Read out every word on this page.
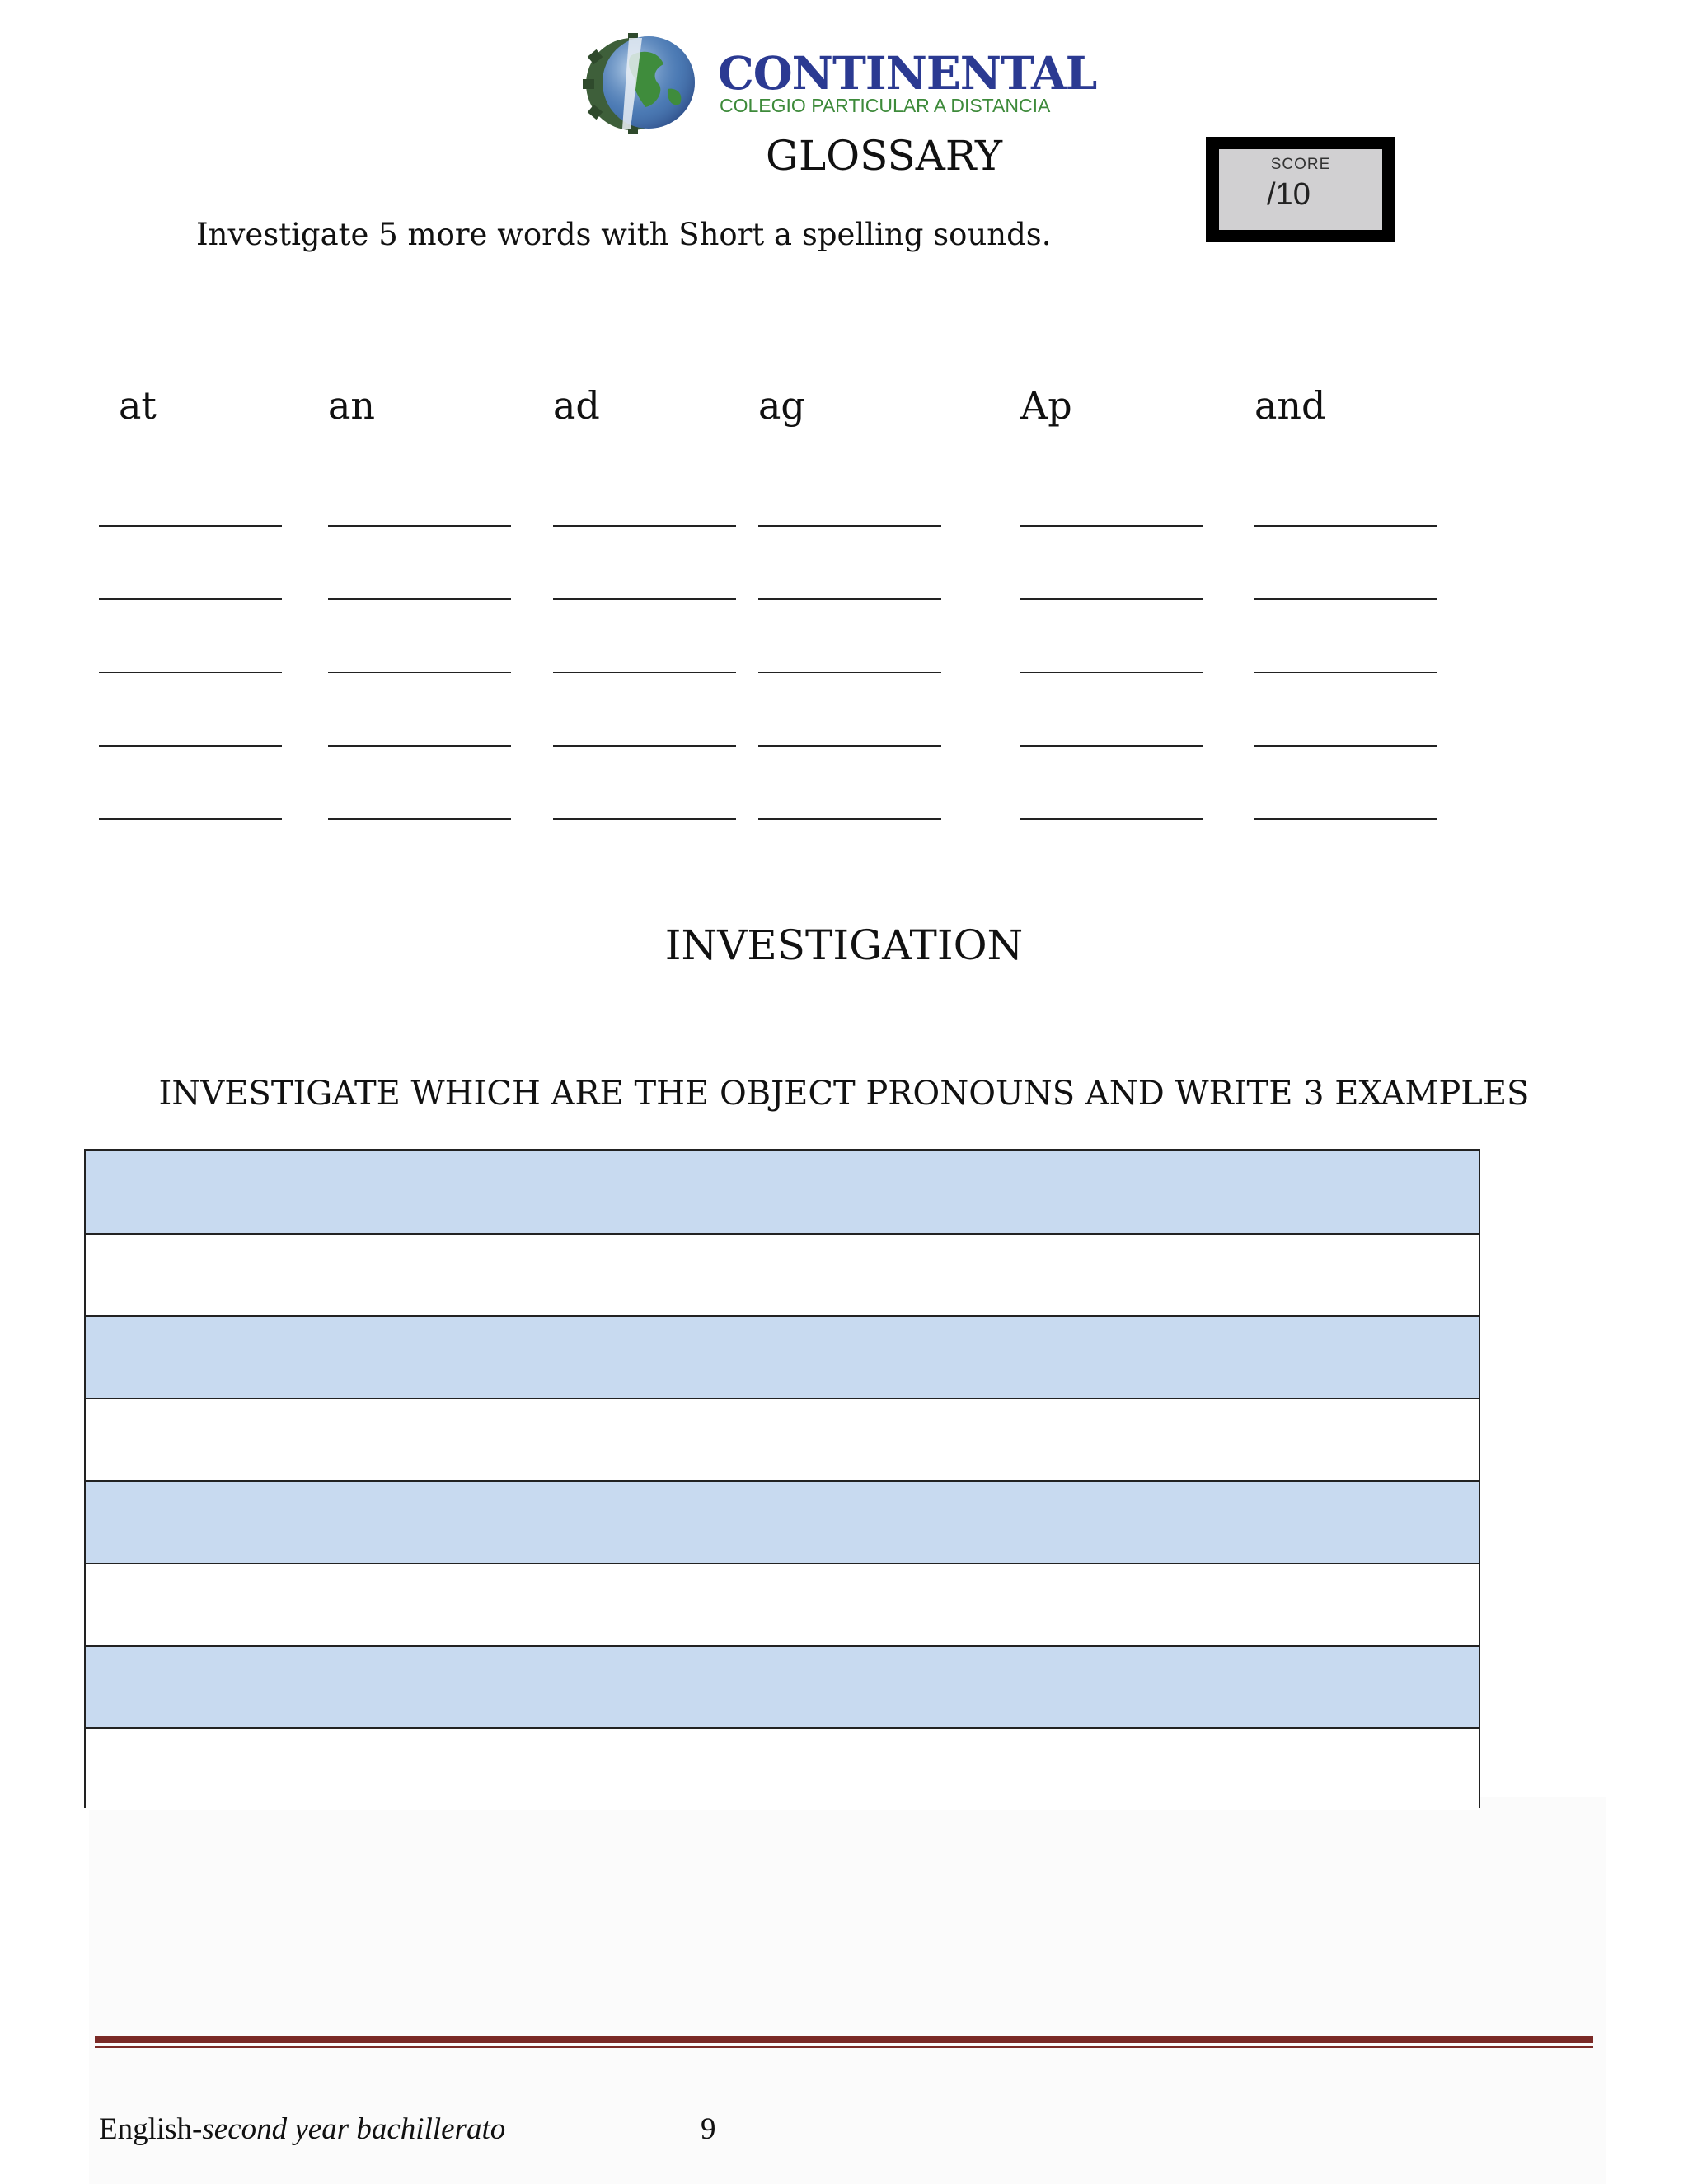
CONTINENTAL
COLEGIO PARTICULAR A DISTANCIA
GLOSSARY
Investigate 5 more words with Short a spelling sounds.
SCORE
/10
at	an	ad	ag	Ap	and
INVESTIGATION
INVESTIGATE WHICH ARE THE OBJECT PRONOUNS AND WRITE 3 EXAMPLES
English-second year bachillerato	9
